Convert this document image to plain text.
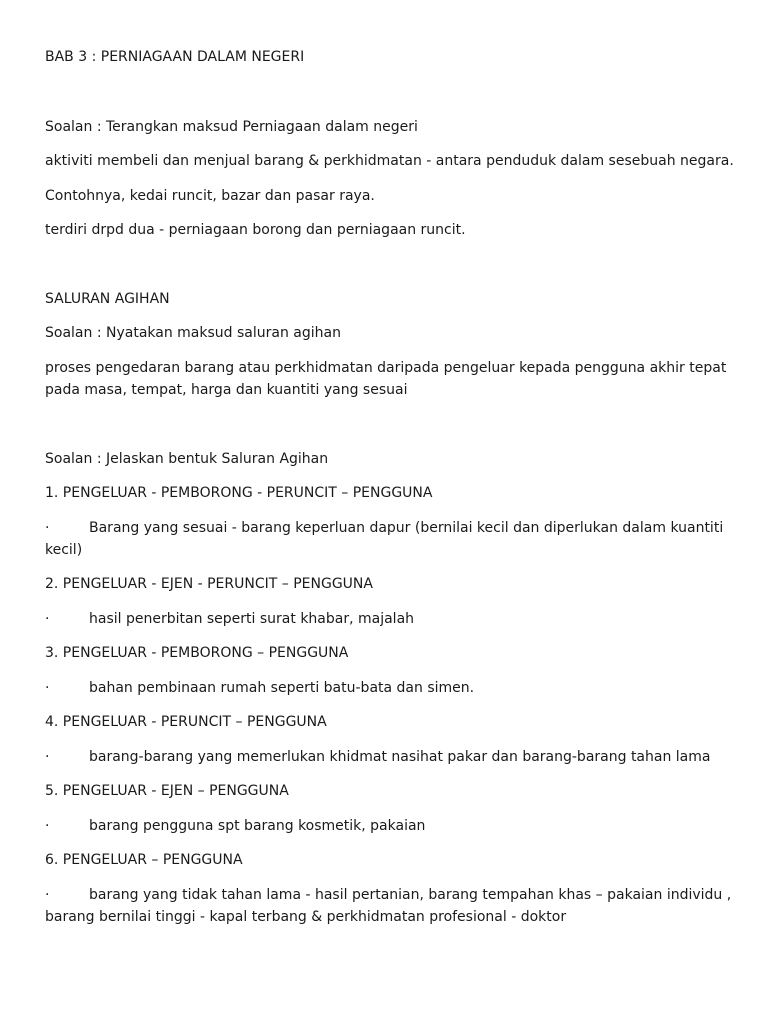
BAB 3 : PERNIAGAAN DALAM NEGERI
Soalan : Terangkan maksud Perniagaan dalam negeri
aktiviti membeli dan menjual barang & perkhidmatan - antara penduduk dalam sesebuah negara.
Contohnya, kedai runcit, bazar dan pasar raya.
terdiri drpd dua - perniagaan borong dan perniagaan runcit.
SALURAN AGIHAN
Soalan : Nyatakan maksud saluran agihan
proses pengedaran barang atau perkhidmatan daripada pengeluar kepada pengguna akhir tepat
pada masa, tempat, harga dan kuantiti yang sesuai
Soalan : Jelaskan bentuk Saluran Agihan
1. PENGELUAR - PEMBORONG - PERUNCIT – PENGGUNA
·	Barang yang sesuai - barang keperluan dapur (bernilai kecil dan diperlukan dalam kuantiti
kecil)
2. PENGELUAR - EJEN - PERUNCIT – PENGGUNA
·	hasil penerbitan seperti surat khabar, majalah
3. PENGELUAR - PEMBORONG – PENGGUNA
·	bahan pembinaan rumah seperti batu-bata dan simen.
4. PENGELUAR - PERUNCIT – PENGGUNA
·	barang-barang yang memerlukan khidmat nasihat pakar dan barang-barang tahan lama
5. PENGELUAR - EJEN – PENGGUNA
·	barang pengguna spt barang kosmetik, pakaian
6. PENGELUAR – PENGGUNA
·	barang yang tidak tahan lama - hasil pertanian, barang tempahan khas – pakaian individu ,
barang bernilai tinggi - kapal terbang & perkhidmatan profesional - doktor
